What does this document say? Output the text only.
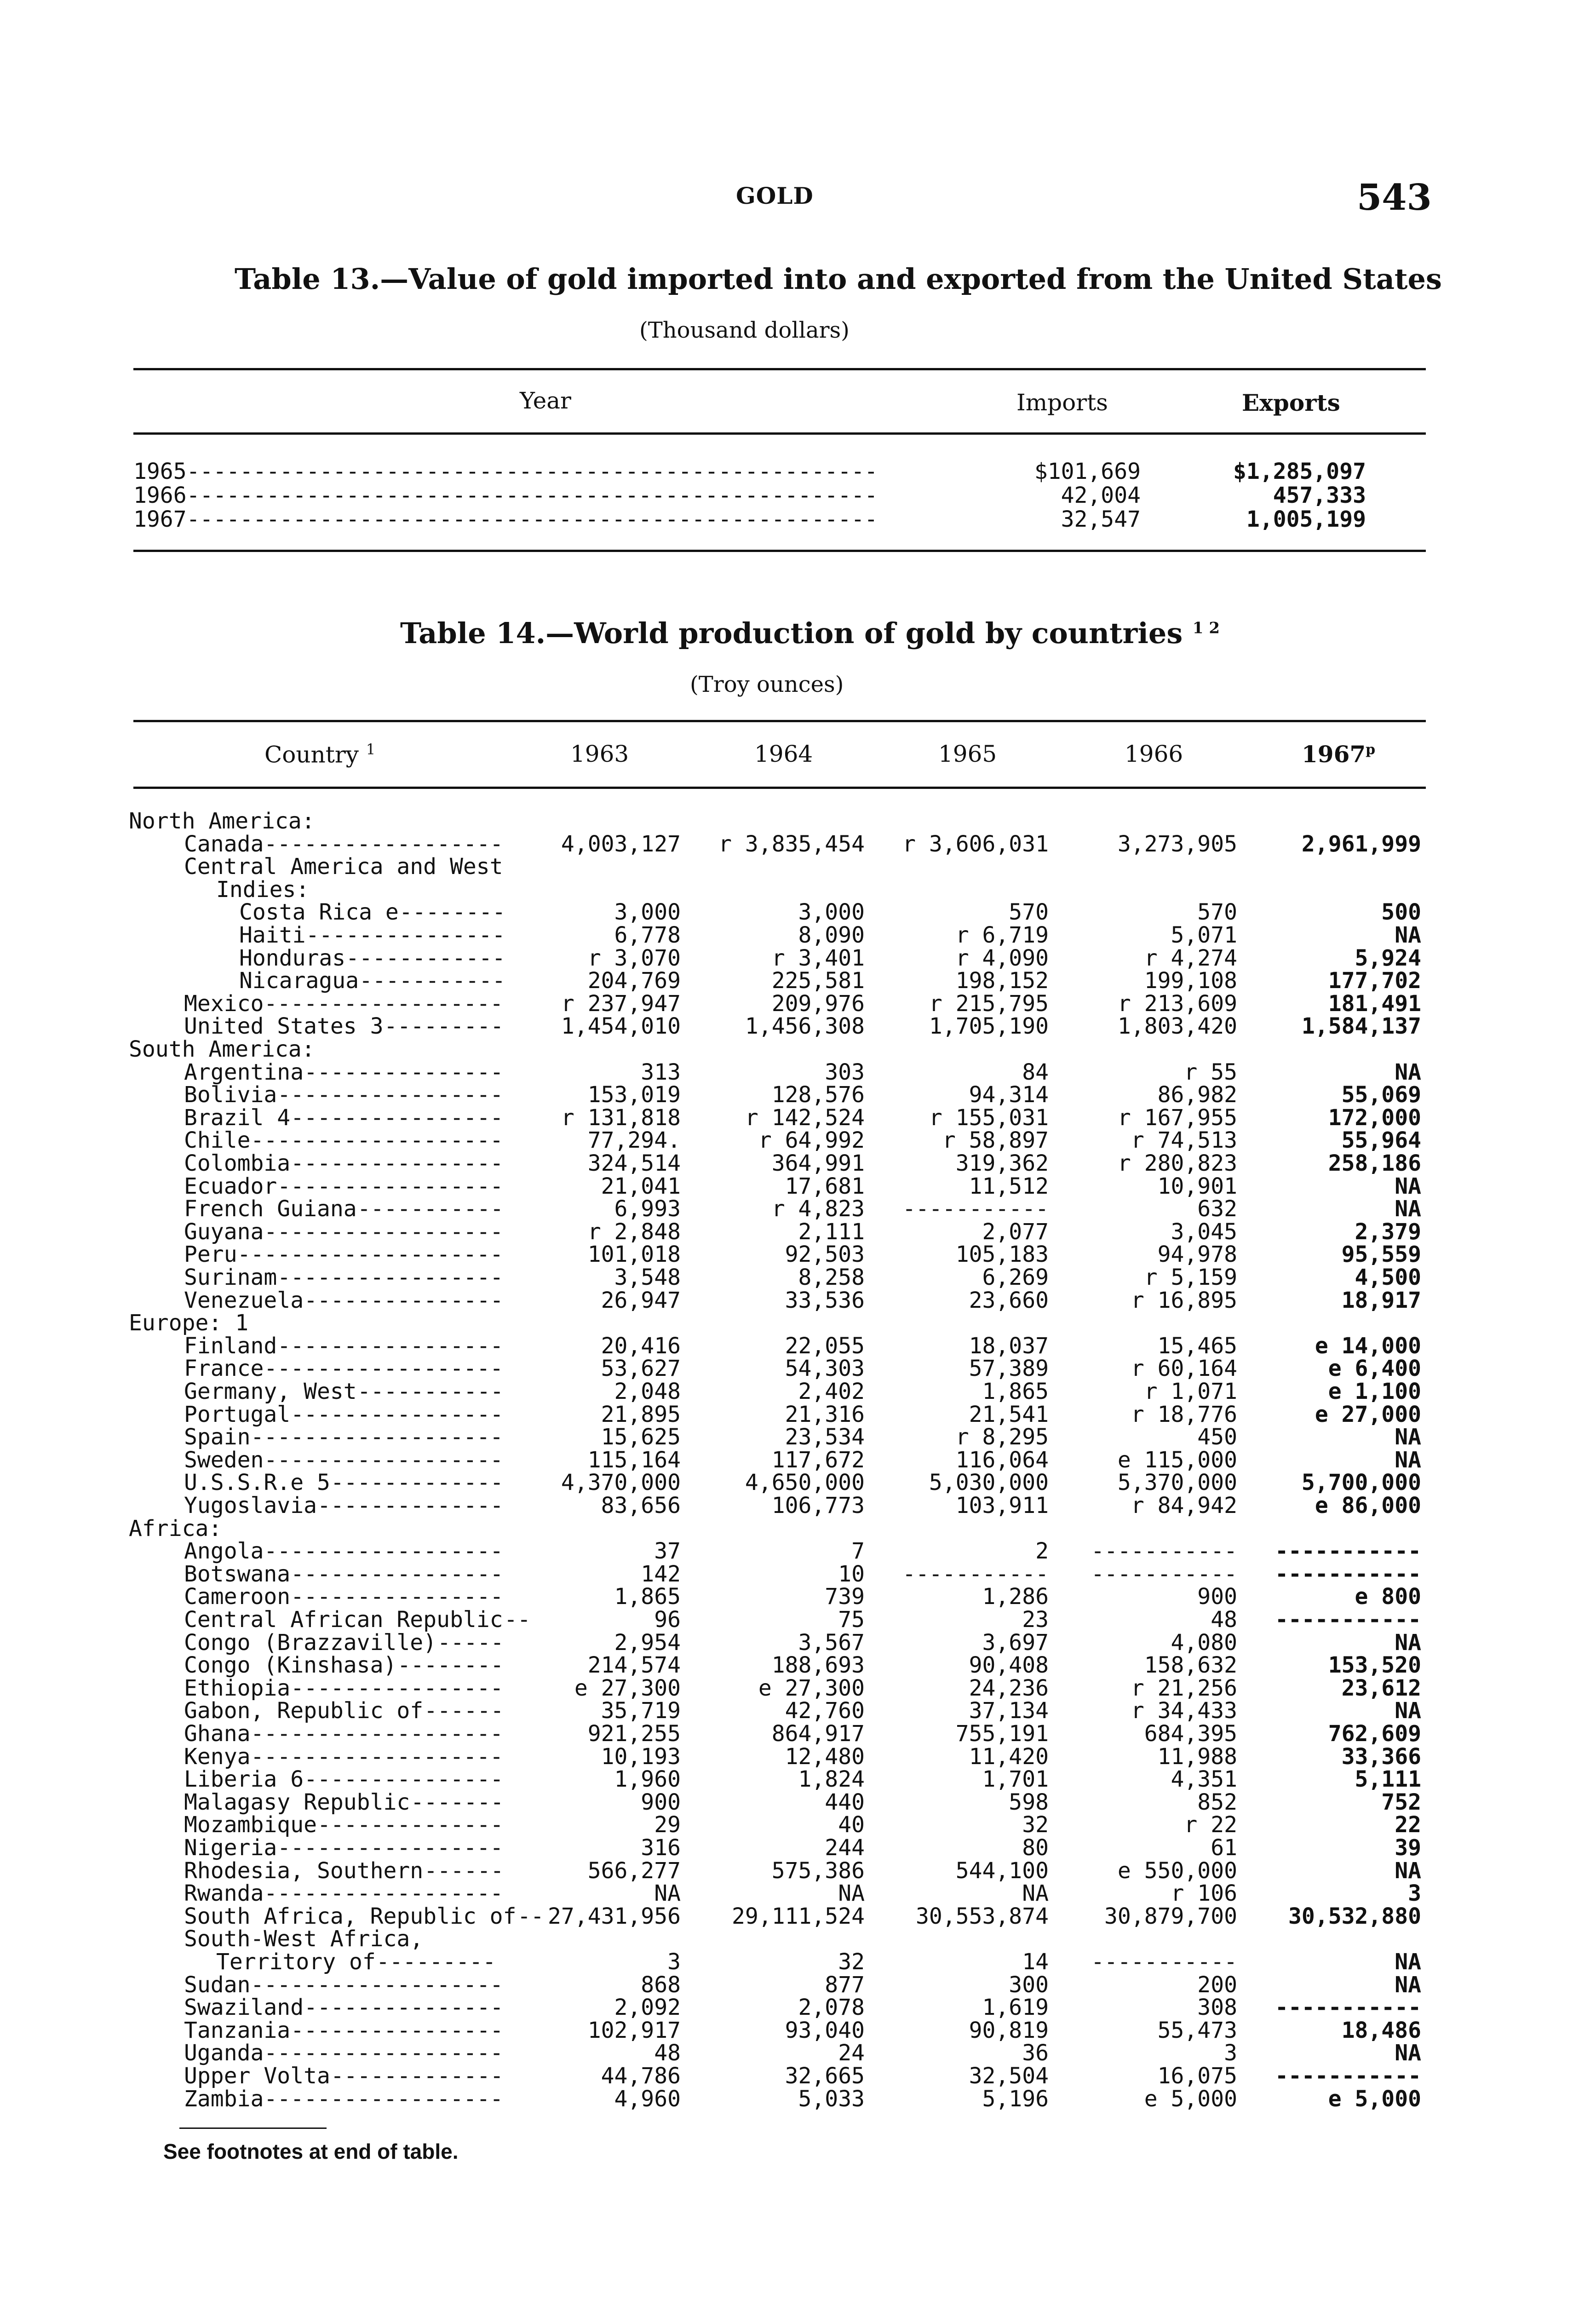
GOLD	543
Table 13.—Value of gold imported into and exported from the United States
(Thousand dollars)
Year	Imports	Exports
1965----------------------------------------------------	$101,669	$1,285,097
1966----------------------------------------------------	42,004	457,333
1967----------------------------------------------------	32,547	1,005,199
Table 14.—World production of gold by countries $^{1 2}$
(Troy ounces)
Country $^1$	1963	1964	1965	1966	1967$^p$
North America:
Canada ------------------	4,003,127	r 3,835,454	r 3,606,031	3,273,905	2,961,999
Central America and West
Indies:
Costa Rica e --------	3,000	3,000	570	570	500
Haiti ---------------	6,778	8,090	r 6,719	5,071	NA
Honduras ------------	r 3,070	r 3,401	r 4,090	r 4,274	5,924
Nicaragua -----------	204,769	225,581	198,152	199,108	177,702
Mexico ------------------	r 237,947	209,976	r 215,795	r 213,609	181,491
United States 3 ---------	1,454,010	1,456,308	1,705,190	1,803,420	1,584,137
South America:
Argentina ---------------	313	303	84	r 55	NA
Bolivia -----------------	153,019	128,576	94,314	86,982	55,069
Brazil 4 ----------------	r 131,818	r 142,524	r 155,031	r 167,955	172,000
Chile -------------------	77,294.	r 64,992	r 58,897	r 74,513	55,964
Colombia ----------------	324,514	364,991	319,362	r 280,823	258,186
Ecuador -----------------	21,041	17,681	11,512	10,901	NA
French Guiana -----------	6,993	r 4,823	-----------	632	NA
Guyana ------------------	r 2,848	2,111	2,077	3,045	2,379
Peru --------------------	101,018	92,503	105,183	94,978	95,559
Surinam -----------------	3,548	8,258	6,269	r 5,159	4,500
Venezuela ---------------	26,947	33,536	23,660	r 16,895	18,917
Europe: 1
Finland -----------------	20,416	22,055	18,037	15,465	e 14,000
France ------------------	53,627	54,303	57,389	r 60,164	e 6,400
Germany, West -----------	2,048	2,402	1,865	r 1,071	e 1,100
Portugal ----------------	21,895	21,316	21,541	r 18,776	e 27,000
Spain -------------------	15,625	23,534	r 8,295	450	NA
Sweden ------------------	115,164	117,672	116,064	e 115,000	NA
U.S.S.R.e 5 -------------	4,370,000	4,650,000	5,030,000	5,370,000	5,700,000
Yugoslavia --------------	83,656	106,773	103,911	r 84,942	e 86,000
Africa:
Angola ------------------	37	7	2	-----------	-----------
Botswana ----------------	142	10	-----------	-----------	-----------
Cameroon ----------------	1,865	739	1,286	900	e 800
Central African Republic --	96	75	23	48	-----------
Congo (Brazzaville) -----	2,954	3,567	3,697	4,080	NA
Congo (Kinshasa) --------	214,574	188,693	90,408	158,632	153,520
Ethiopia ----------------	e 27,300	e 27,300	24,236	r 21,256	23,612
Gabon, Republic of ------	35,719	42,760	37,134	r 34,433	NA
Ghana -------------------	921,255	864,917	755,191	684,395	762,609
Kenya -------------------	10,193	12,480	11,420	11,988	33,366
Liberia 6 ---------------	1,960	1,824	1,701	4,351	5,111
Malagasy Republic -------	900	440	598	852	752
Mozambique --------------	29	40	32	r 22	22
Nigeria -----------------	316	244	80	61	39
Rhodesia, Southern ------	566,277	575,386	544,100	e 550,000	NA
Rwanda ------------------	NA	NA	NA	r 106	3
South Africa, Republic of -- 27,431,956	29,111,524	30,553,874	30,879,700	30,532,880
South-West Africa,
Territory of ---------	3	32	14	-----------	NA
Sudan -------------------	868	877	300	200	NA
Swaziland ---------------	2,092	2,078	1,619	308	-----------
Tanzania ----------------	102,917	93,040	90,819	55,473	18,486
Uganda ------------------	48	24	36	3	NA
Upper Volta -------------	44,786	32,665	32,504	16,075	-----------
Zambia ------------------	4,960	5,033	5,196	e 5,000	e 5,000
See footnotes at end of table.
